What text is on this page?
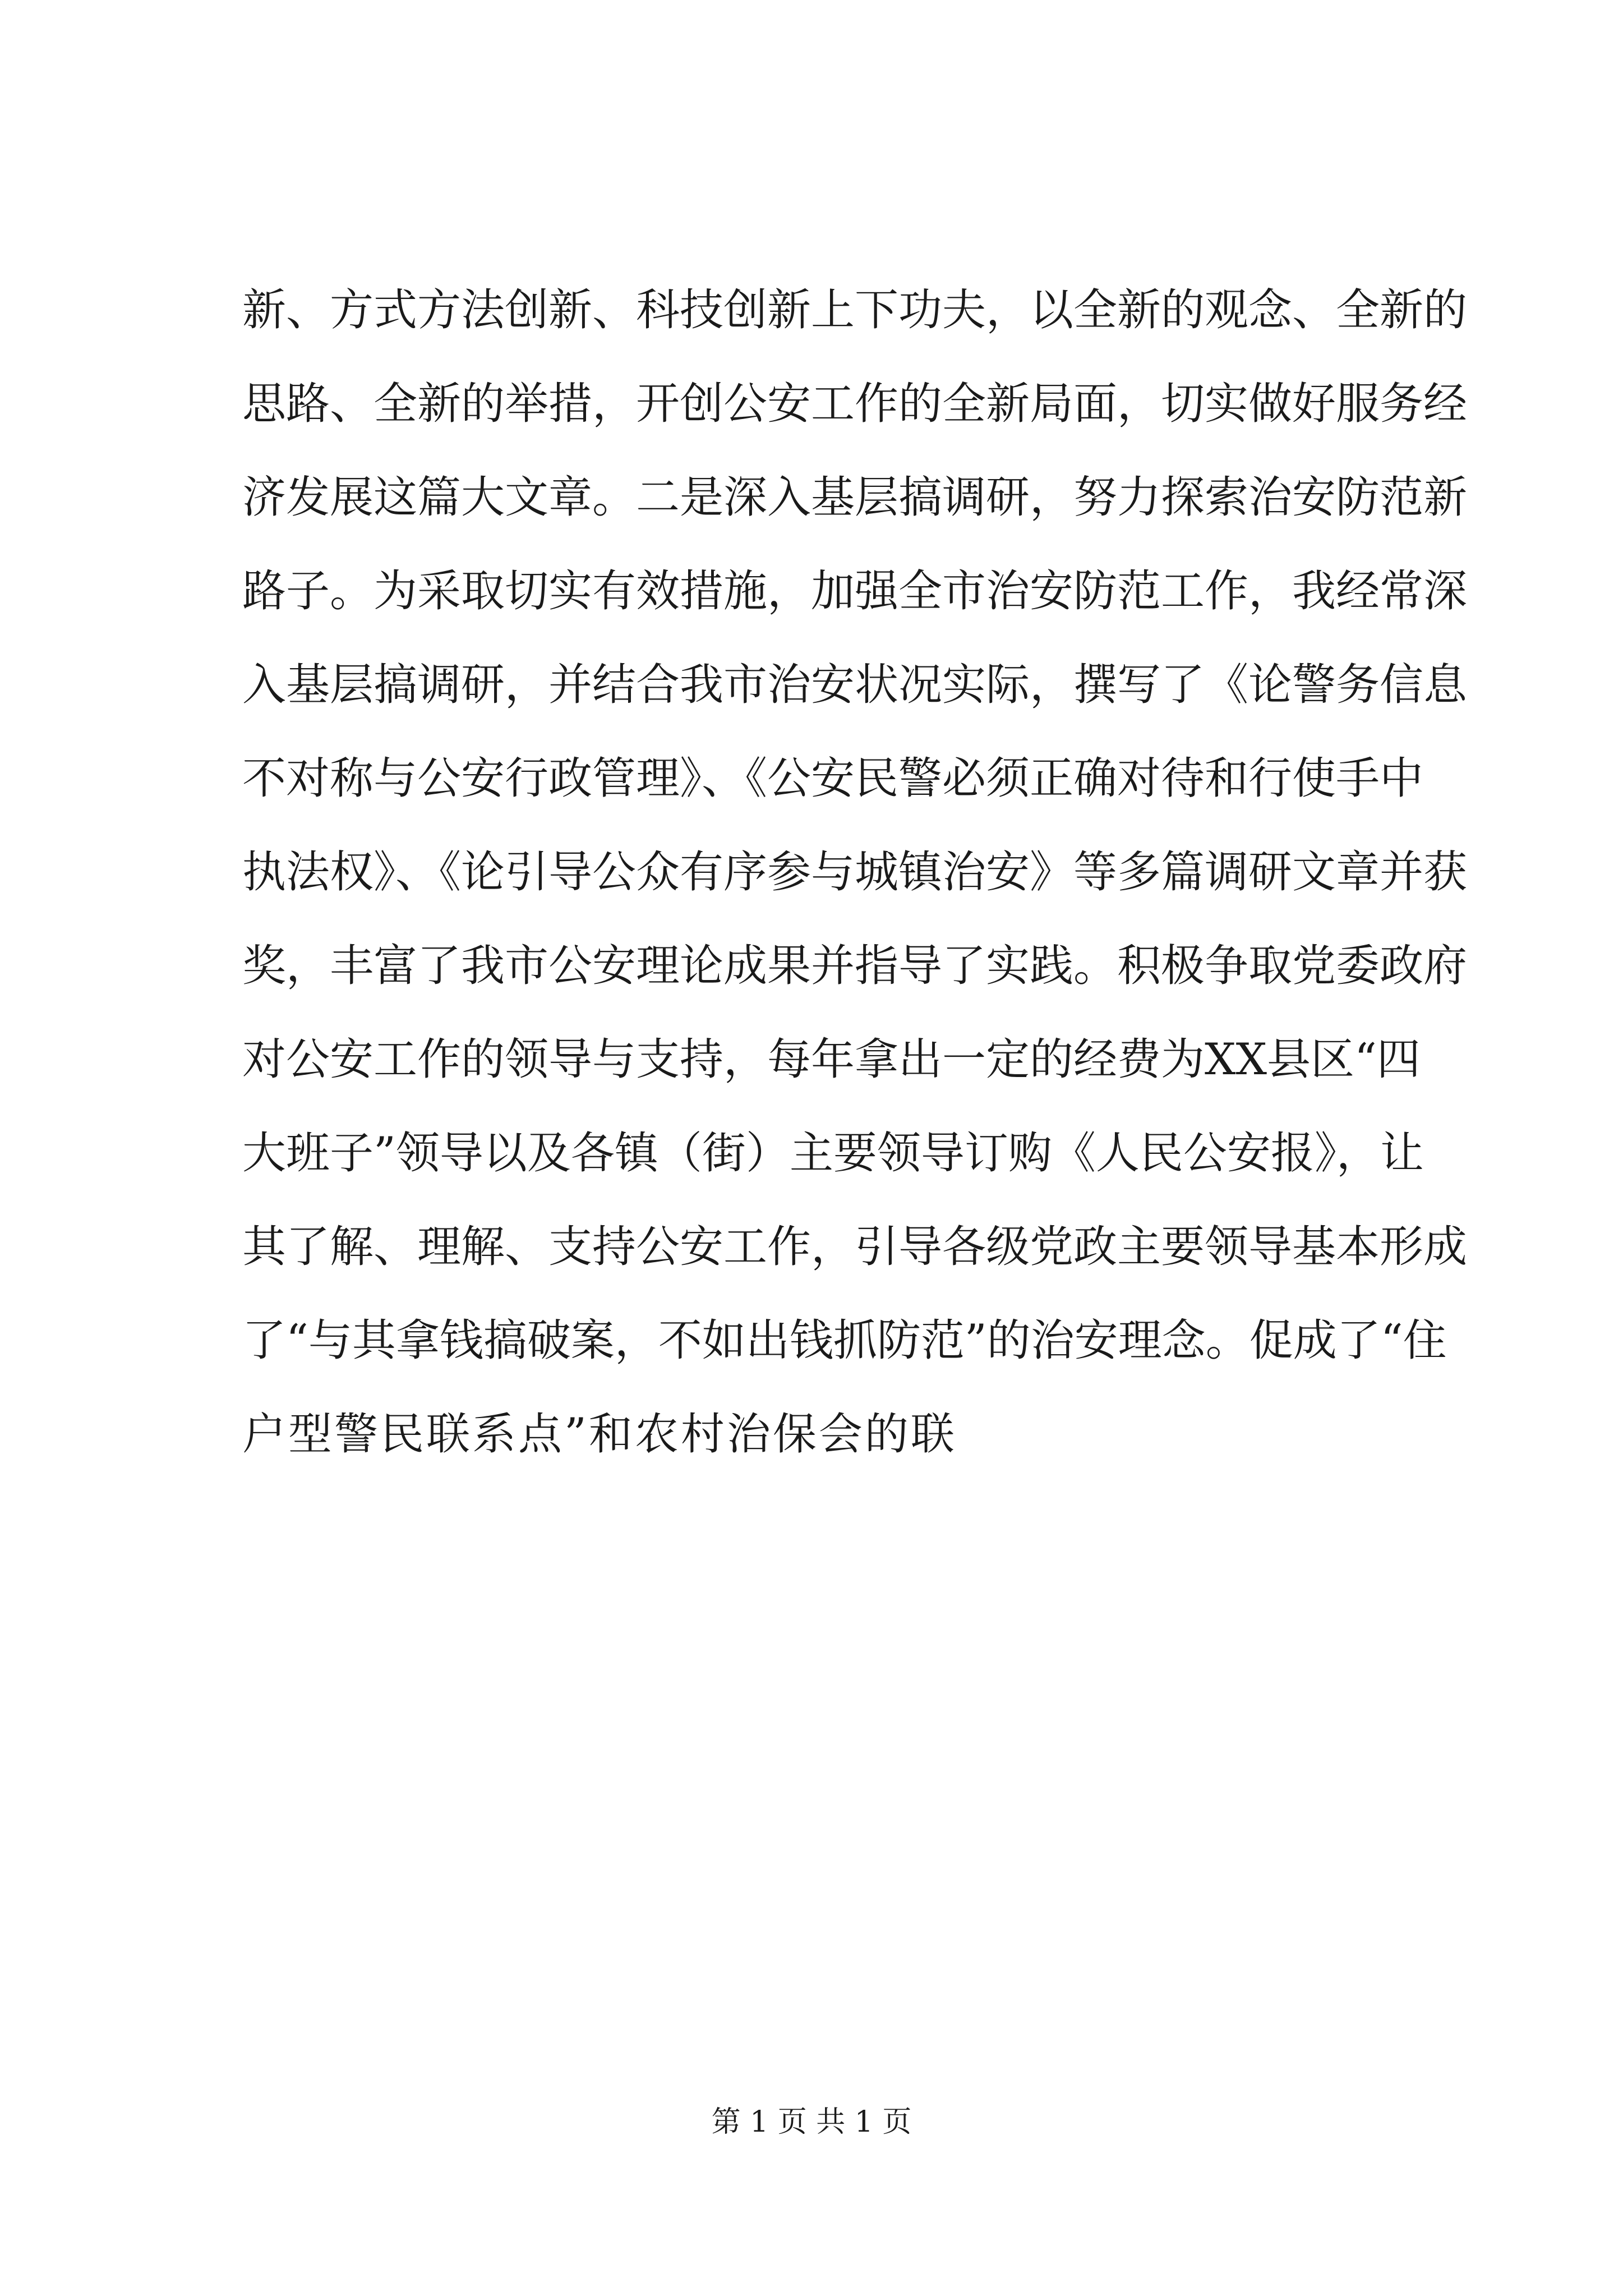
新、方式方法创新、科技创新上下功夫，以全新的观念、全新的
思路、全新的举措，开创公安工作的全新局面，切实做好服务经
济发展这篇大文章。二是深入基层搞调研，努力探索治安防范新
路子。为采取切实有效措施，加强全市治安防范工作，我经常深
入基层搞调研，并结合我市治安状况实际，撰写了《论警务信息
不对称与公安行政管理》、《公安民警必须正确对待和行使手中
执法权》、《论引导公众有序参与城镇治安》等多篇调研文章并获
奖，丰富了我市公安理论成果并指导了实践。积极争取党委政府
对公安工作的领导与支持，每年拿出一定的经费为XX县区“四
大班子”领导以及各镇（街）主要领导订购《人民公安报》，让
其了解、理解、支持公安工作，引导各级党政主要领导基本形成
了“与其拿钱搞破案，不如出钱抓防范”的治安理念。促成了“住
户型警民联系点”和农村治保会的联
第 1 页 共 1 页
